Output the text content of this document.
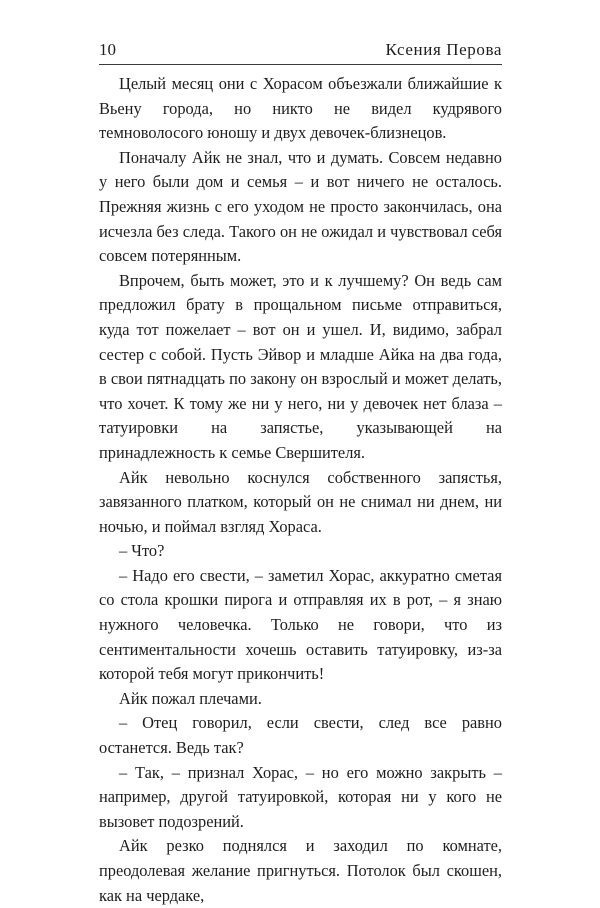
10	Ксения Перова

Целый месяц они с Хорасом объезжали ближайшие к Вьену города, но никто не видел кудрявого темноволосого юношу и двух девочек-близнецов.

Поначалу Айк не знал, что и думать. Совсем недавно у него были дом и семья – и вот ничего не осталось. Прежняя жизнь с его уходом не просто закончилась, она исчезла без следа. Такого он не ожидал и чувствовал себя совсем потерянным.

Впрочем, быть может, это и к лучшему? Он ведь сам предложил брату в прощальном письме отправиться, куда тот пожелает – вот он и ушел. И, видимо, забрал сестер с собой. Пусть Эйвор и младше Айка на два года, в свои пятнадцать по закону он взрослый и может делать, что хочет. К тому же ни у него, ни у девочек нет блаза – татуировки на запястье, указывающей на принадлежность к семье Свершителя.

Айк невольно коснулся собственного запястья, завязанного платком, который он не снимал ни днем, ни ночью, и поймал взгляд Хораса.

– Что?

– Надо его свести, – заметил Хорас, аккуратно сметая со стола крошки пирога и отправляя их в рот, – я знаю нужного человечка. Только не говори, что из сентиментальности хочешь оставить татуировку, из-за которой тебя могут прикончить!

Айк пожал плечами.

– Отец говорил, если свести, след все равно останется. Ведь так?

– Так, – признал Хорас, – но его можно закрыть – например, другой татуировкой, которая ни у кого не вызовет подозрений.

Айк резко поднялся и заходил по комнате, преодолевая желание пригнуться. Потолок был скошен, как на чердаке,
